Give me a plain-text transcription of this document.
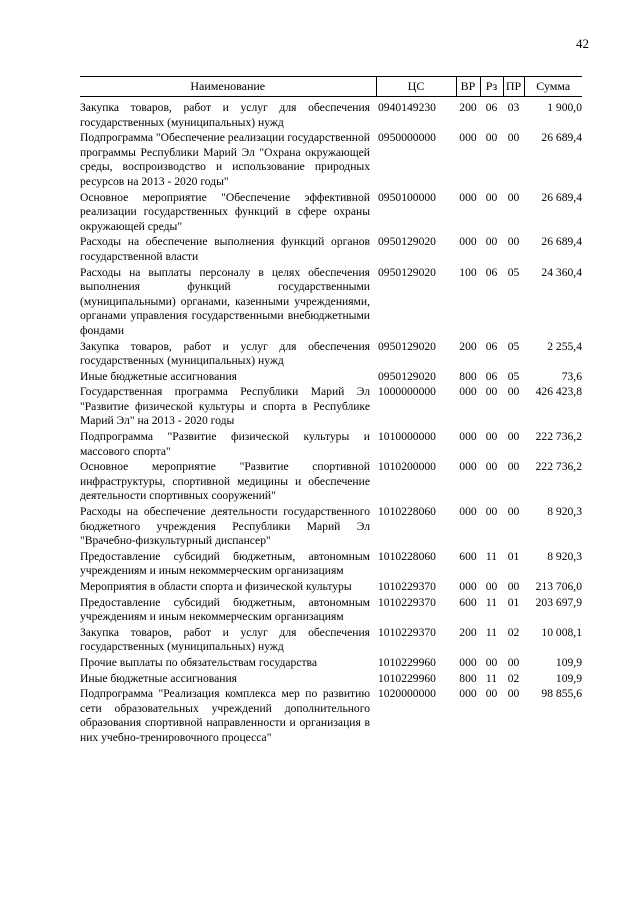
42
Наименование	ЦС	ВР	Рз	ПР	Сумма
Закупка товаров, работ и услуг для обеспечения государственных (муниципальных) нужд	0940149230	200	06	03	1 900,0
Подпрограмма "Обеспечение реализации государственной программы Республики Марий Эл "Охрана окружающей среды, воспроизводство и использование природных ресурсов на 2013 - 2020 годы"	0950000000	000	00	00	26 689,4
Основное мероприятие "Обеспечение эффективной реализации государственных функций в сфере охраны окружающей среды"	0950100000	000	00	00	26 689,4
Расходы на обеспечение выполнения функций органов государственной власти	0950129020	000	00	00	26 689,4
Расходы на выплаты персоналу в целях обеспечения выполнения функций государственными (муниципальными) органами, казенными учреждениями, органами управления государственными внебюджетными фондами	0950129020	100	06	05	24 360,4
Закупка товаров, работ и услуг для обеспечения государственных (муниципальных) нужд	0950129020	200	06	05	2 255,4
Иные бюджетные ассигнования	0950129020	800	06	05	73,6
Государственная программа Республики Марий Эл "Развитие физической культуры и спорта в Республике Марий Эл" на 2013 - 2020 годы	1000000000	000	00	00	426 423,8
Подпрограмма "Развитие физической культуры и массового спорта"	1010000000	000	00	00	222 736,2
Основное мероприятие "Развитие спортивной инфраструктуры, спортивной медицины и обеспечение деятельности спортивных сооружений"	1010200000	000	00	00	222 736,2
Расходы на обеспечение деятельности государственного бюджетного учреждения Республики Марий Эл "Врачебно-физкультурный диспансер"	1010228060	000	00	00	8 920,3
Предоставление субсидий бюджетным, автономным учреждениям и иным некоммерческим организациям	1010228060	600	11	01	8 920,3
Мероприятия в области спорта и физической культуры	1010229370	000	00	00	213 706,0
Предоставление субсидий бюджетным, автономным учреждениям и иным некоммерческим организациям	1010229370	600	11	01	203 697,9
Закупка товаров, работ и услуг для обеспечения государственных (муниципальных) нужд	1010229370	200	11	02	10 008,1
Прочие выплаты по обязательствам государства	1010229960	000	00	00	109,9
Иные бюджетные ассигнования	1010229960	800	11	02	109,9
Подпрограмма "Реализация комплекса мер по развитию сети образовательных учреждений дополнительного образования спортивной направленности и организация в них учебно-тренировочного процесса"	1020000000	000	00	00	98 855,6
